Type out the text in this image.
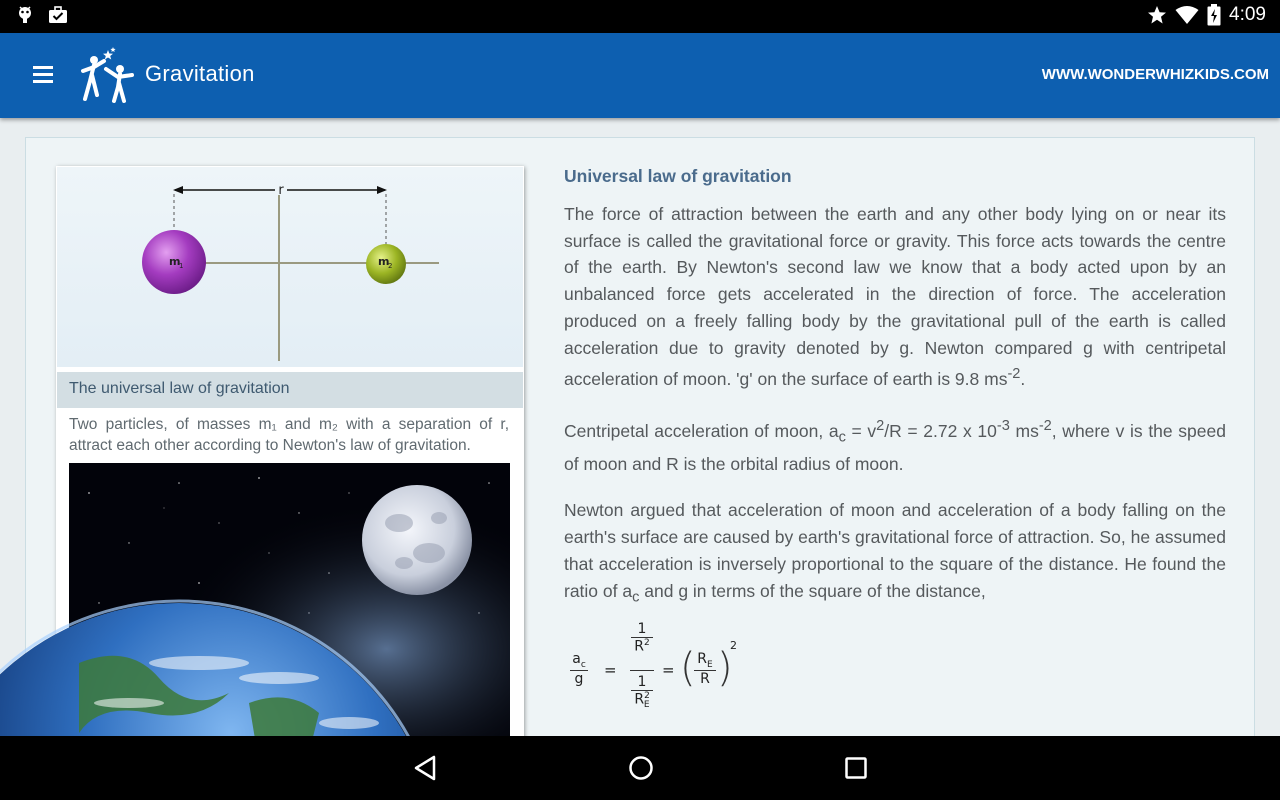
4:09
Gravitation	WWW.WONDERWHIZKIDS.COM
r
m
1	m
2
The universal law of gravitation
Two particles, of masses m₁ and m₂ with a separation of r, attract each other according to Newton's law of gravitation.
Universal law of gravitation

The force of attraction between the earth and any other body lying on or near its surface is called the gravitational force or gravity. This force acts towards the centre of the earth. By Newton's second law we know that a body acted upon by an unbalanced force gets accelerated in the direction of force. The acceleration produced on a freely falling body by the gravitational pull of the earth is called acceleration due to gravity denoted by g. Newton compared g with centripetal acceleration of moon. 'g' on the surface of earth is 9.8 $ms^{-2}$.

Centripetal acceleration of moon, $a_c = v^2/R = 2.72$ x $10^{-3}$ $ms^{-2}$, where v is the speed of moon and R is the orbital radius of moon.

Newton argued that acceleration of moon and acceleration of a body falling on the earth's surface are caused by earth's gravitational force of attraction. So, he assumed that acceleration is inversely proportional to the square of the distance. He found the ratio of $a_c$ and g in terms of the square of the distance,

$\frac{a_c}{g}$ =
$\frac{1}{R^2}$
$\frac{1}{R^2_E}$
= (
$\frac{R_E}{R}$ )
2
